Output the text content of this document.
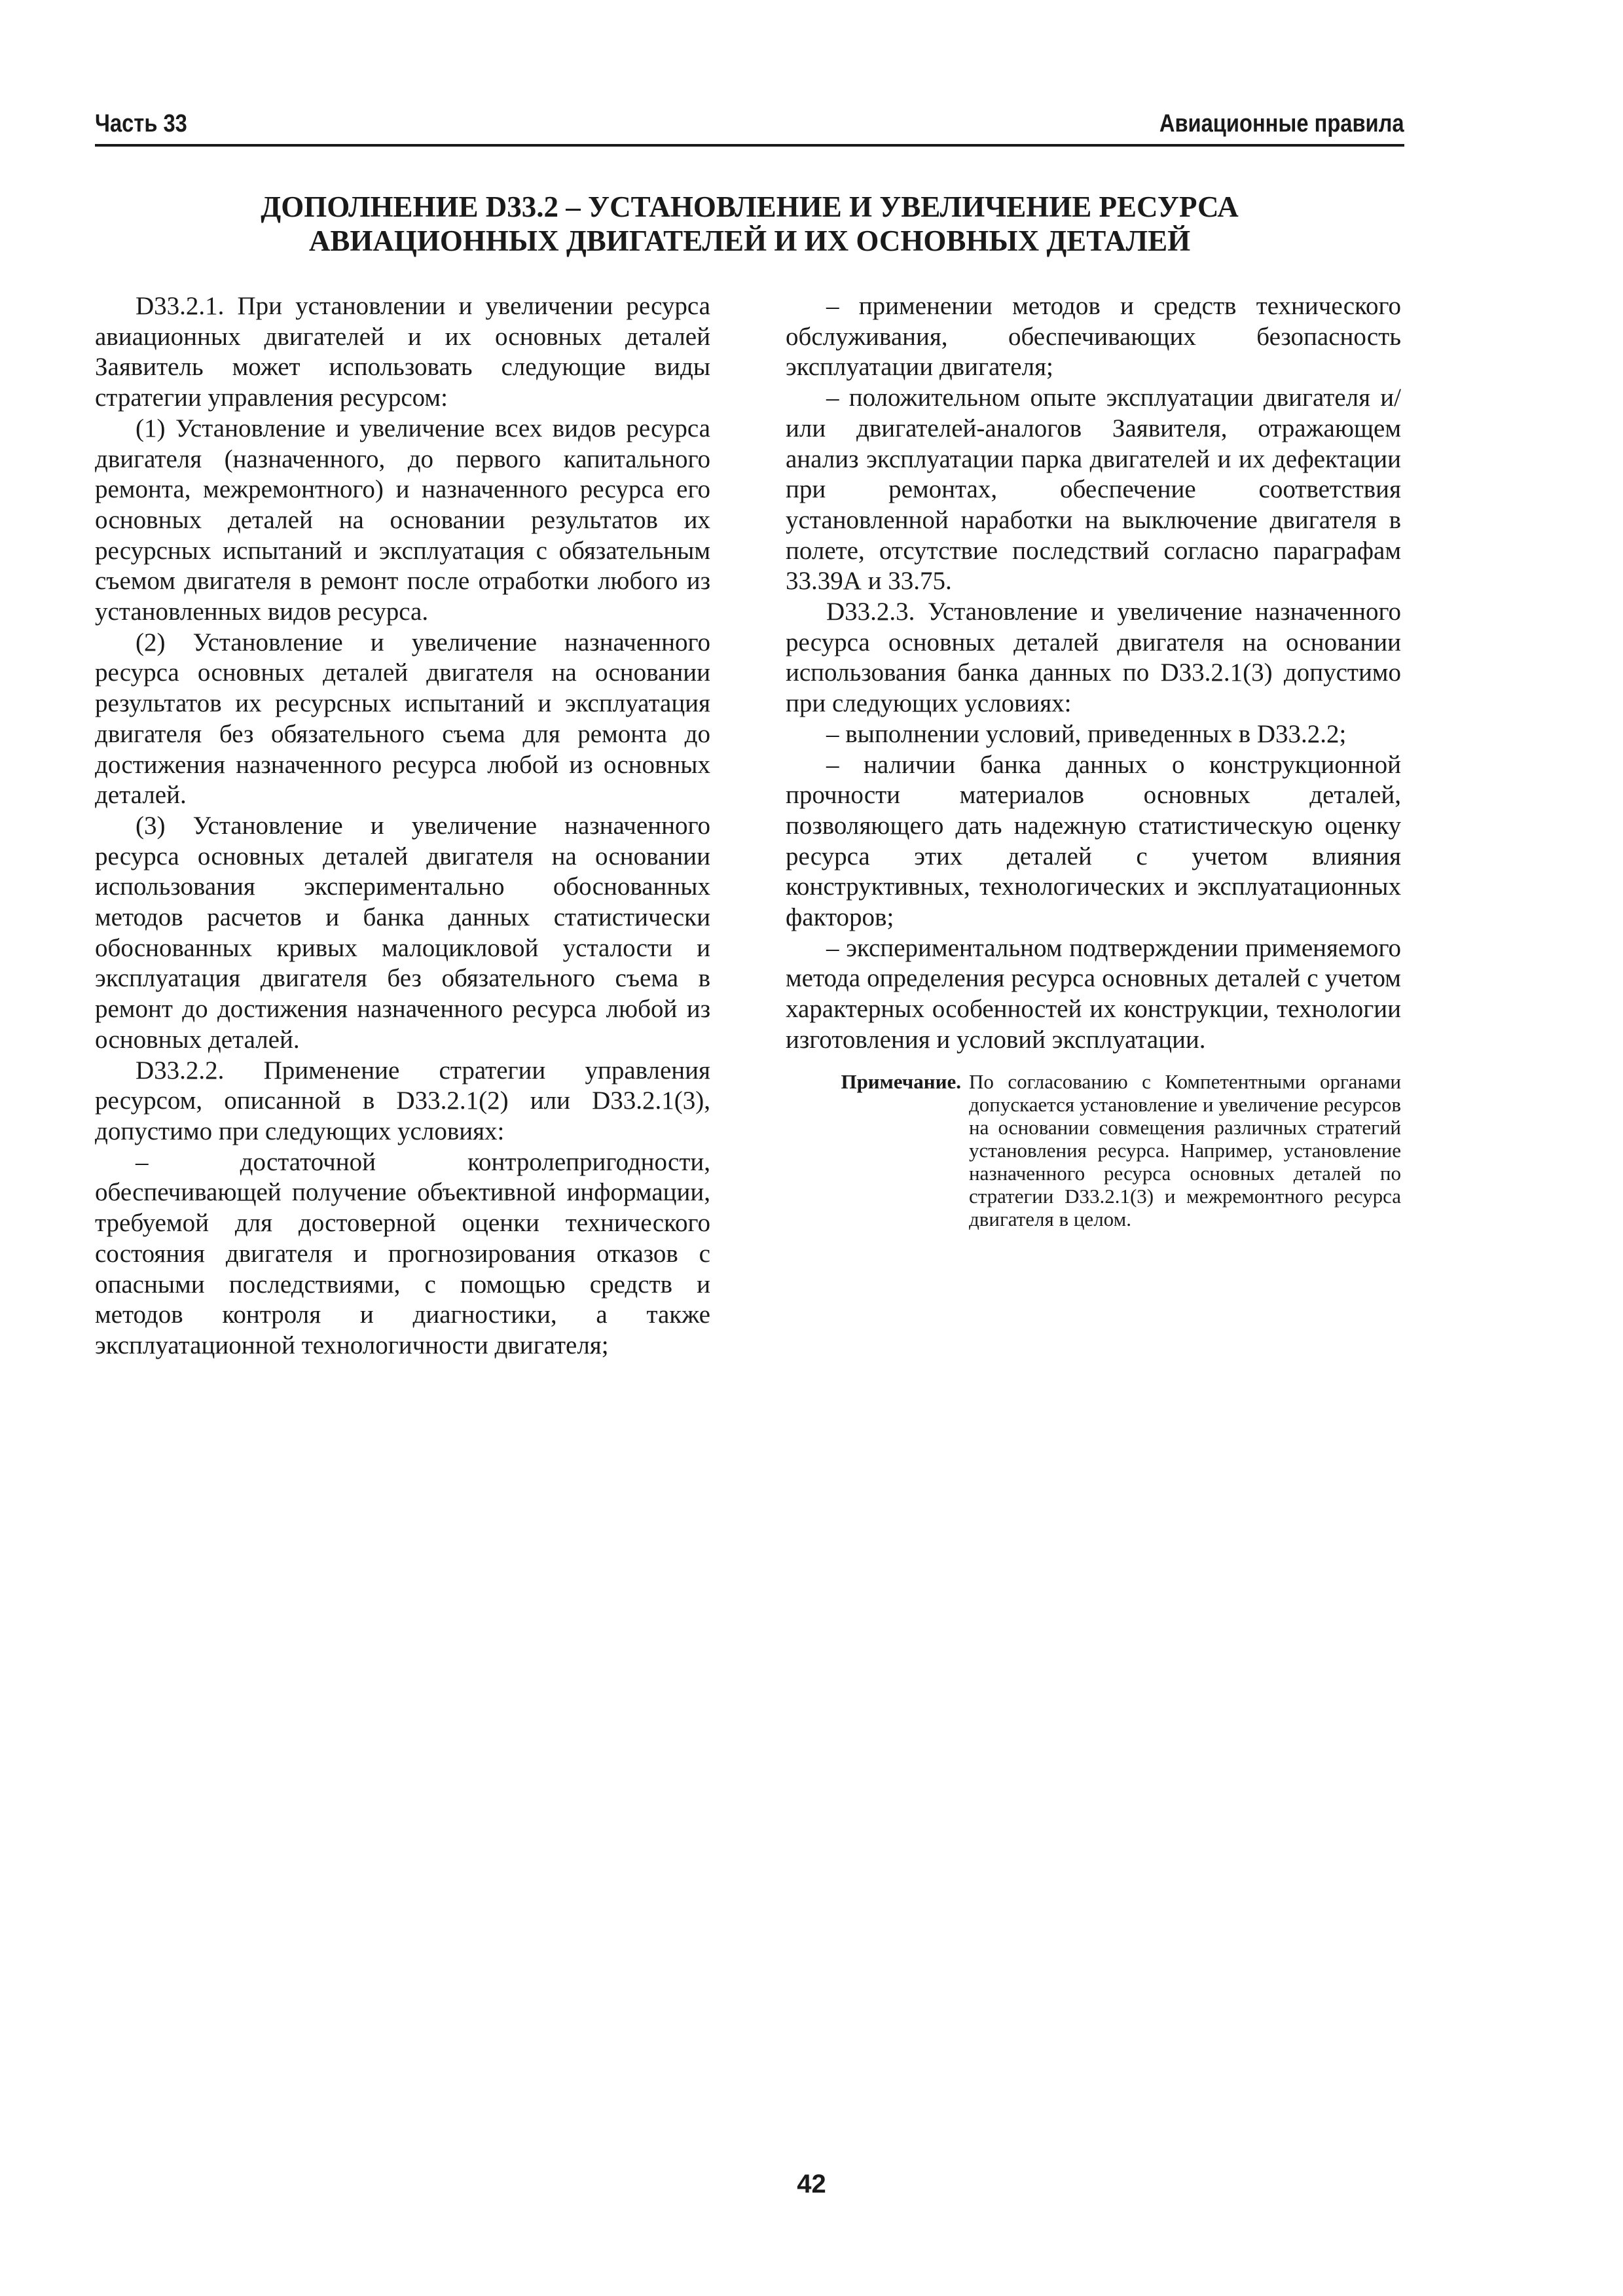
Часть 33	Авиационные правила
ДОПОЛНЕНИЕ D33.2 – УСТАНОВЛЕНИЕ И УВЕЛИЧЕНИЕ РЕСУРСА
АВИАЦИОННЫХ ДВИГАТЕЛЕЙ И ИХ ОСНОВНЫХ ДЕТАЛЕЙ

D33.2.1. При установлении и увеличении ресурса авиационных двигателей и их основных деталей Заявитель может использовать следующие виды стратегии управления ресурсом:

(1) Установление и увеличение всех видов ресурса двигателя (назначенного, до первого капитального ремонта, межремонтного) и назначенного ресурса его основных деталей на основании результатов их ресурсных испытаний и эксплуатация с обязательным съемом двигателя в ремонт после отработки любого из установленных видов ресурса.

(2) Установление и увеличение назначенного ресурса основных деталей двигателя на основании результатов их ресурсных испытаний и эксплуатация двигателя без обязательного съема для ремонта до достижения назначенного ресурса любой из основных деталей.

(3) Установление и увеличение назначенного ресурса основных деталей двигателя на основании использования экспериментально обоснованных методов расчетов и банка данных статистически обоснованных кривых малоцикловой усталости и эксплуатация двигателя без обязательного съема в ремонт до достижения назначенного ресурса любой из основных деталей.

D33.2.2. Применение стратегии управления ресурсом, описанной в D33.2.1(2) или D33.2.1(3), допустимо при следующих условиях:

– достаточной контролепригодности, обеспечивающей получение объективной информации, требуемой для достоверной оценки технического состояния двигателя и прогнозирования отказов с опасными последствиями, с помощью средств и методов контроля и диагностики, а также эксплуатационной технологичности двигателя;

– применении методов и средств технического обслуживания, обеспечивающих безопасность эксплуатации двигателя;

– положительном опыте эксплуатации двигателя и/или двигателей-аналогов Заявителя, отражающем анализ эксплуатации парка двигателей и их дефектации при ремонтах, обеспечение соответствия установленной наработки на выключение двигателя в полете, отсутствие последствий согласно параграфам 33.39А и 33.75.

D33.2.3. Установление и увеличение назначенного ресурса основных деталей двигателя на основании использования банка данных по D33.2.1(3) допустимо при следующих условиях:

– выполнении условий, приведенных в D33.2.2;

– наличии банка данных о конструкционной прочности материалов основных деталей, позволяющего дать надежную статистическую оценку ресурса этих деталей с учетом влияния конструктивных, технологических и эксплуатационных факторов;

– экспериментальном подтверждении применяемого метода определения ресурса основных деталей с учетом характерных особенностей их конструкции, технологии изготовления и условий эксплуатации.

Примечание. По согласованию с Компетентными органами допускается установление и увеличение ресурсов на основании совмещения различных стратегий установления ресурса. Например, установление назначенного ресурса основных деталей по стратегии D33.2.1(3) и межремонтного ресурса двигателя в целом.
42
